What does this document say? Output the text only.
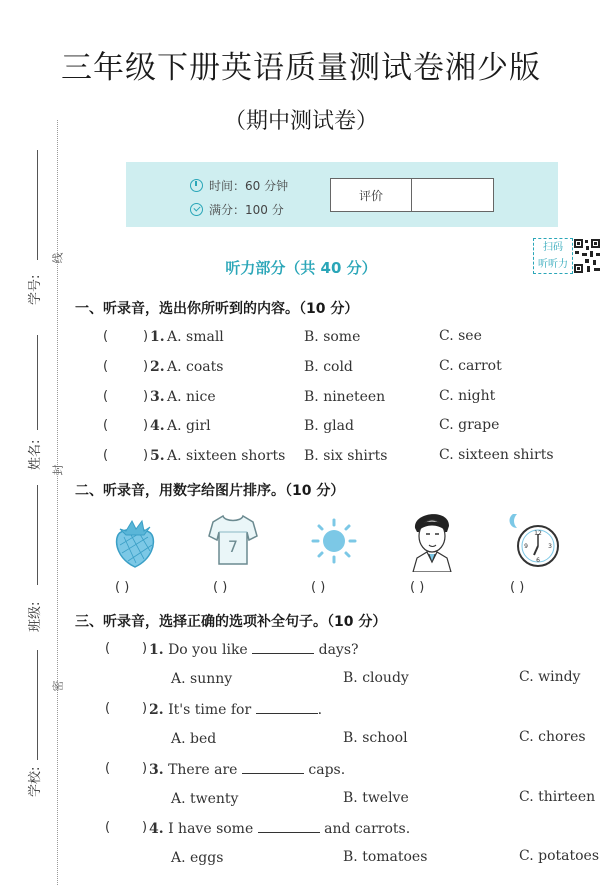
三年级下册英语质量测试卷湘少版
（期中测试卷）
学号:
姓名:
班级:
学校:
线
封
密
时间：60 分钟
满分：100 分
评价
听力部分（共 40 分）
扫码
听听力
一、听录音，选出你所听到的内容。（10 分）
(	) 1. A. small	B. some	C. see
(	) 2. A. coats	B. cold	C. carrot
(	) 3. A. nice	B. nineteen	C. night
(	) 4. A. girl	B. glad	C. grape
(	) 5. A. sixteen shorts B. six shirts	C. sixteen shirts
二、听录音，用数字给图片排序。（10 分）
7
12
3
6
9
( )	( )	( )	( )	( )
三、听录音，选择正确的选项补全句子。（10 分）
( ) 1. Do you like	days?
A. sunny	B. cloudy	C. windy
( ) 2. It's time for	.
A. bed	B. school	C. chores
( ) 3. There are	caps.
A. twenty	B. twelve	C. thirteen
( ) 4. I have some	and carrots.
A. eggs	B. tomatoes	C. potatoes
